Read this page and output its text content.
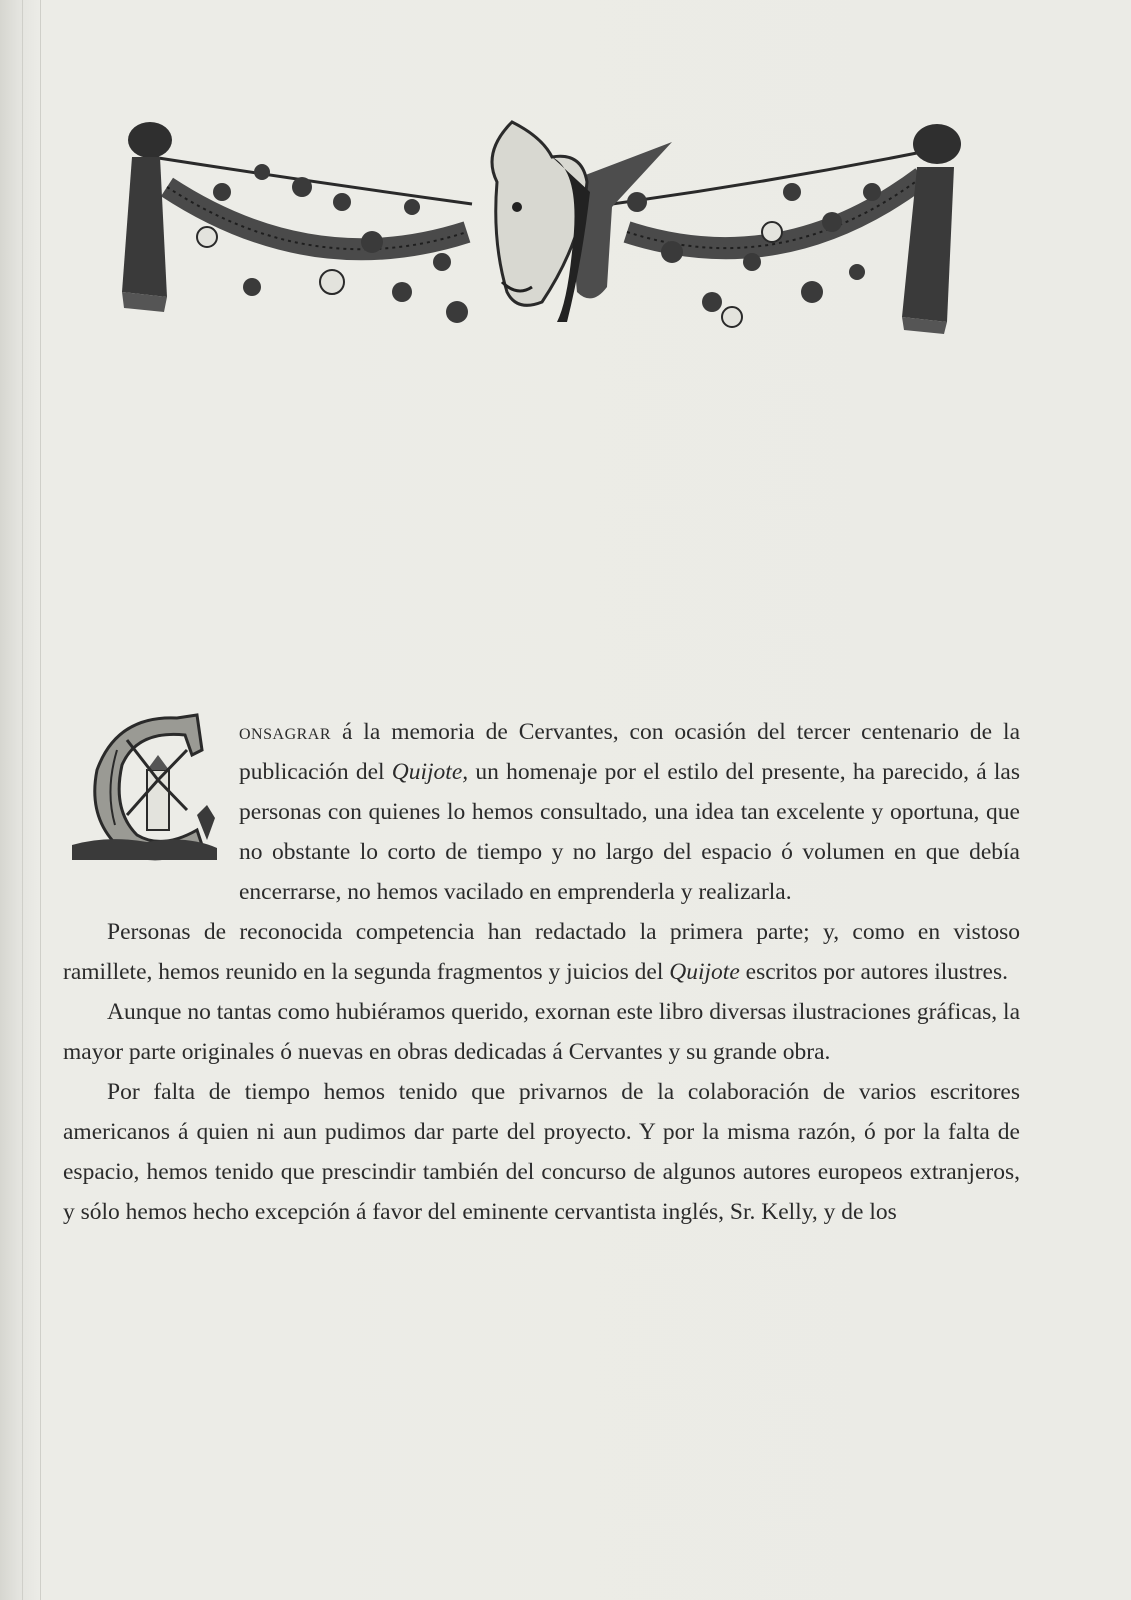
onsagrar á la memoria de Cervantes, con ocasión del tercer centenario de la publicación del Quijote, un homenaje por el estilo del presente, ha parecido, á las personas con quienes lo hemos consultado, una idea tan excelente y oportuna, que no obstante lo corto de tiempo y no largo del espacio ó volumen en que debía encerrarse, no hemos vacilado en emprenderla y realizarla.

Personas de reconocida competencia han redactado la primera parte; y, como en vistoso ramillete, hemos reunido en la segunda fragmentos y juicios del Quijote escritos por autores ilustres.

Aunque no tantas como hubiéramos querido, exornan este libro diversas ilustraciones gráficas, la mayor parte originales ó nuevas en obras dedicadas á Cervantes y su grande obra.

Por falta de tiempo hemos tenido que privarnos de la colaboración de varios escritores americanos á quien ni aun pudimos dar parte del proyecto. Y por la misma razón, ó por la falta de espacio, hemos tenido que prescindir también del concurso de algunos autores europeos extranjeros, y sólo hemos hecho excepción á favor del eminente cervantista inglés, Sr. Kelly, y de los
